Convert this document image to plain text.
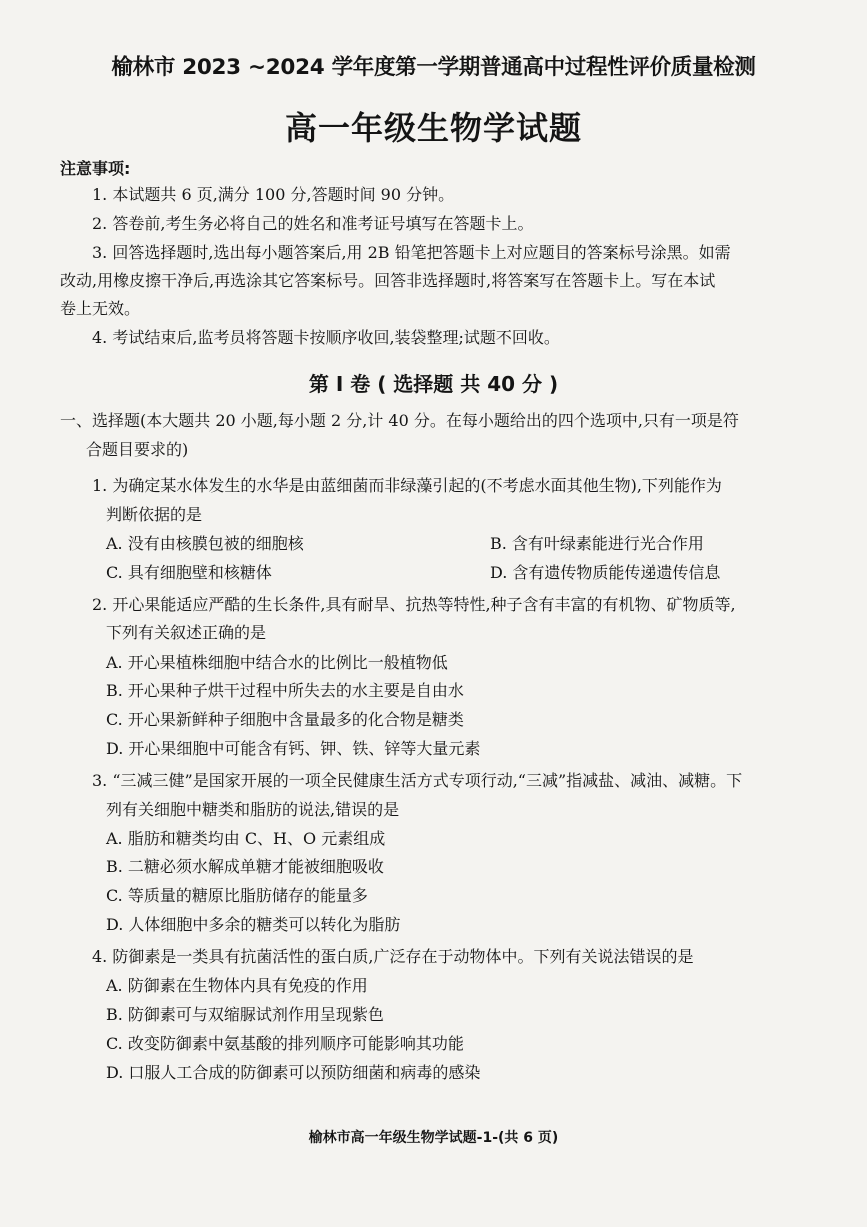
榆林市 2023 ~2024 学年度第一学期普通高中过程性评价质量检测
高一年级生物学试题
注意事项:
1. 本试题共 6 页,满分 100 分,答题时间 90 分钟。
2. 答卷前,考生务必将自己的姓名和准考证号填写在答题卡上。
3. 回答选择题时,选出每小题答案后,用 2B 铅笔把答题卡上对应题目的答案标号涂黑。如需
改动,用橡皮擦干净后,再选涂其它答案标号。回答非选择题时,将答案写在答题卡上。写在本试
卷上无效。
4. 考试结束后,监考员将答题卡按顺序收回,装袋整理;试题不回收。
第 Ⅰ 卷 ( 选择题 共 40 分 )
一、选择题(本大题共 20 小题,每小题 2 分,计 40 分。在每小题给出的四个选项中,只有一项是符
合题目要求的)
1. 为确定某水体发生的水华是由蓝细菌而非绿藻引起的(不考虑水面其他生物),下列能作为
判断依据的是
A. 没有由核膜包被的细胞核	B. 含有叶绿素能进行光合作用
C. 具有细胞壁和核糖体	D. 含有遗传物质能传递遗传信息
2. 开心果能适应严酷的生长条件,具有耐旱、抗热等特性,种子含有丰富的有机物、矿物质等,
下列有关叙述正确的是
A. 开心果植株细胞中结合水的比例比一般植物低
B. 开心果种子烘干过程中所失去的水主要是自由水
C. 开心果新鲜种子细胞中含量最多的化合物是糖类
D. 开心果细胞中可能含有钙、钾、铁、锌等大量元素
3. “三减三健”是国家开展的一项全民健康生活方式专项行动,“三减”指减盐、减油、减糖。下
列有关细胞中糖类和脂肪的说法,错误的是
A. 脂肪和糖类均由 C、H、O 元素组成
B. 二糖必须水解成单糖才能被细胞吸收
C. 等质量的糖原比脂肪储存的能量多
D. 人体细胞中多余的糖类可以转化为脂肪
4. 防御素是一类具有抗菌活性的蛋白质,广泛存在于动物体中。下列有关说法错误的是
A. 防御素在生物体内具有免疫的作用
B. 防御素可与双缩脲试剂作用呈现紫色
C. 改变防御素中氨基酸的排列顺序可能影响其功能
D. 口服人工合成的防御素可以预防细菌和病毒的感染
榆林市高一年级生物学试题-1-(共 6 页)
